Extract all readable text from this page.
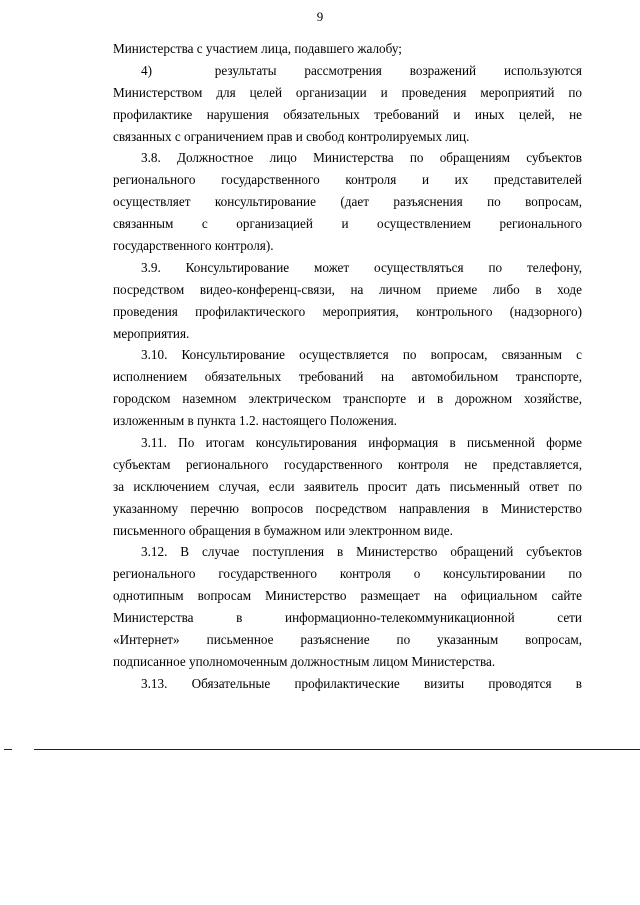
9
Министерства с участием лица, подавшего жалобу;
4)         результаты    рассмотрения    возражений    используются
Министерством для целей организации и проведения мероприятий по
профилактике нарушения обязательных требований и иных целей, не
связанных с ограничением прав и свобод контролируемых лиц.
3.8. Должностное лицо Министерства по обращениям субъектов
регионального государственного контроля и их представителей
осуществляет консультирование (дает разъяснения по вопросам,
связанным с организацией и осуществлением регионального
государственного контроля).
3.9. Консультирование может осуществляться по телефону,
посредством видео-конференц-связи, на личном приеме либо в ходе
проведения профилактического мероприятия, контрольного (надзорного)
мероприятия.
3.10. Консультирование осуществляется по вопросам, связанным с
исполнением обязательных требований на автомобильном транспорте,
городском наземном электрическом транспорте и в дорожном хозяйстве,
изложенным в пункта 1.2. настоящего Положения.
3.11. По итогам консультирования информация в письменной форме
субъектам регионального государственного контроля не представляется,
за исключением случая, если заявитель просит дать письменный ответ по
указанному перечню вопросов посредством направления в Министерство
письменного обращения в бумажном или электронном виде.
3.12. В случае поступления в Министерство обращений субъектов
регионального государственного контроля о консультировании по
однотипным вопросам Министерство размещает на официальном сайте
Министерства в информационно-телекоммуникационной сети
«Интернет» письменное разъяснение по указанным вопросам,
подписанное уполномоченным должностным лицом Министерства.
3.13. Обязательные профилактические визиты проводятся в
